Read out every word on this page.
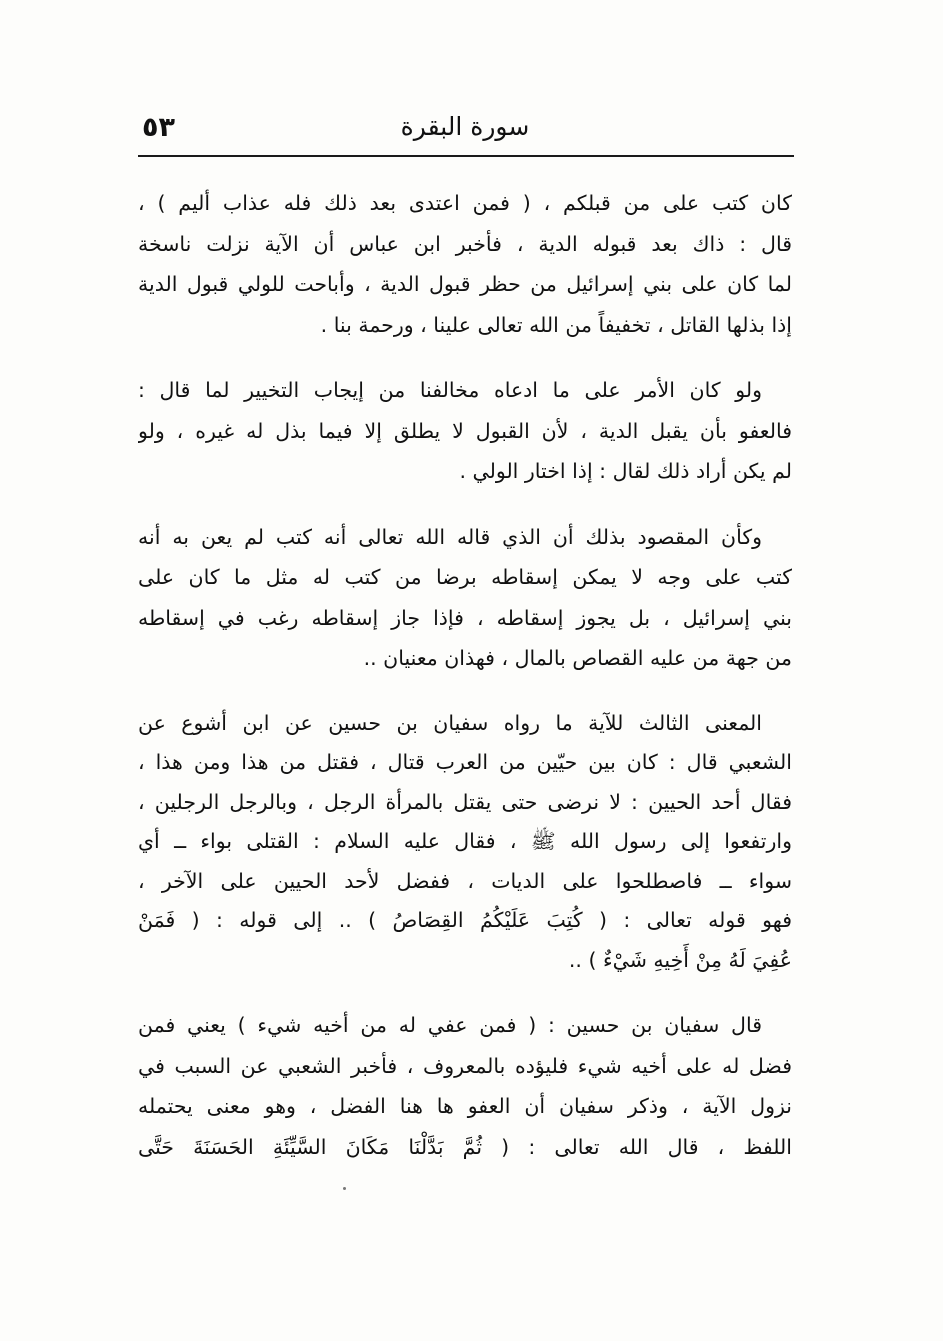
٥٣	سورة البقرة
كان كتب على من قبلكم ، ( فمن اعتدى بعد ذلك فله عذاب أليم ) ،
قال : ذاك بعد قبوله الدية ، فأخبر ابن عباس أن الآية نزلت ناسخة
لما كان على بني إسرائيل من حظر قبول الدية ، وأباحت للولي قبول الدية
إذا بذلها القاتل ، تخفيفاً من الله تعالى علينا ، ورحمة بنا .
ولو كان الأمر على ما ادعاه مخالفنا من إيجاب التخيير لما قال :
فالعفو بأن يقبل الدية ، لأن القبول لا يطلق إلا فيما بذل له غيره ، ولو
لم يكن أراد ذلك لقال : إذا اختار الولي .
وكأن المقصود بذلك أن الذي قاله الله تعالى أنه كتب لم يعن به أنه
كتب على وجه لا يمكن إسقاطه برضا من كتب له مثل ما كان على
بني إسرائيل ، بل يجوز إسقاطه ، فإذا جاز إسقاطه رغب في إسقاطه
من جهة من عليه القصاص بالمال ، فهذان معنيان ..
المعنى الثالث للآية ما رواه سفيان بن حسين عن ابن أشوع عن
الشعبي قال : كان بين حيّين من العرب قتال ، فقتل من هذا ومن هذا ،
فقال أحد الحيين : لا نرضى حتى يقتل بالمرأة الرجل ، وبالرجل الرجلين ،
وارتفعوا إلى رسول الله ﷺ ، فقال عليه السلام : القتلى بواء ــ أي
سواء ــ فاصطلحوا على الديات ، ففضل لأحد الحيين على الآخر ،
فهو قوله تعالى : ( كُتِبَ عَلَيْكُمُ القِصَاصُ ) .. إلى قوله : ( فَمَنْ
عُفِيَ لَهُ مِنْ أَخِيهِ شَيْءٌ ) ..
قال سفيان بن حسين : ( فمن عفي له من أخيه شيء ) يعني فمن
فضل له على أخيه شيء فليؤده بالمعروف ، فأخبر الشعبي عن السبب في
نزول الآية ، وذكر سفيان أن العفو ها هنا الفضل ، وهو معنى يحتمله
اللفظ ، قال الله تعالى : ( ثُمَّ بَدَّلْنَا مَكَانَ السَّيِّئَةِ الحَسَنَةَ حَتَّى
